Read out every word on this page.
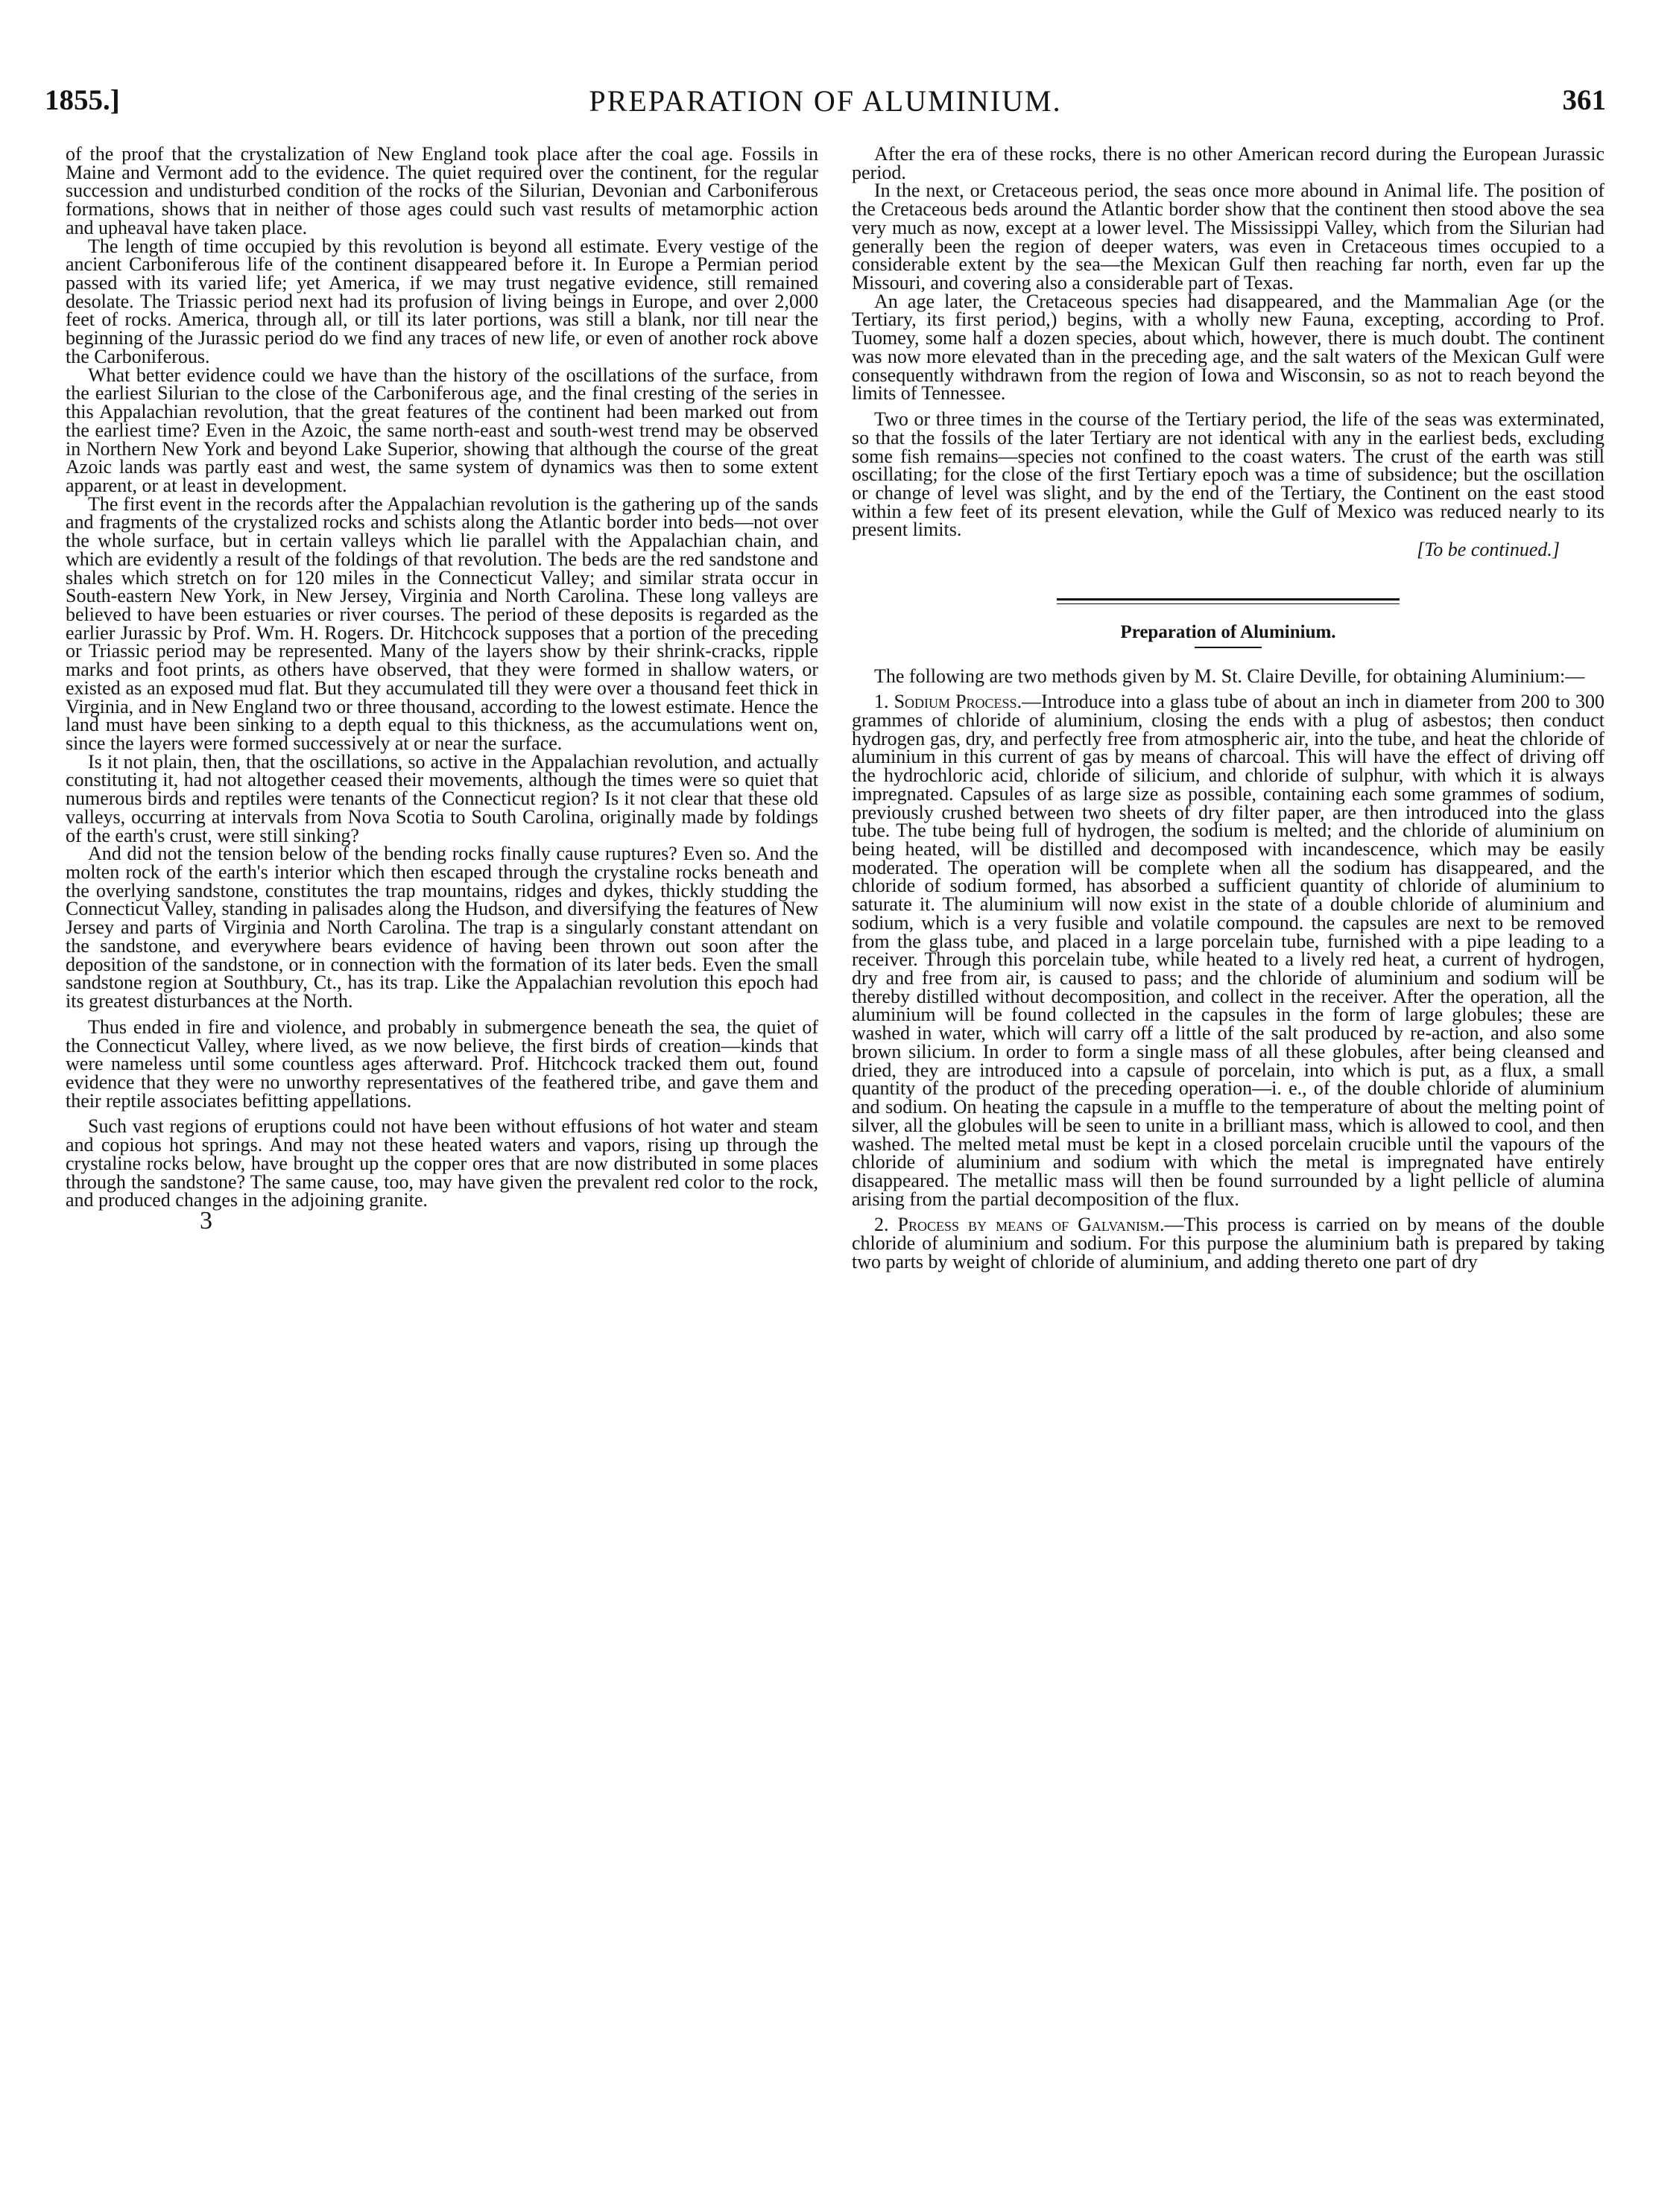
1855.]	PREPARATION OF ALUMINIUM.	361

of the proof that the crystalization of New England took place after the coal age. Fossils in Maine and Vermont add to the evidence. The quiet required over the continent, for the regular succession and undisturbed condition of the rocks of the Silurian, Devonian and Carboniferous formations, shows that in neither of those ages could such vast results of metamorphic action and upheaval have taken place.

The length of time occupied by this revolution is beyond all estimate. Every vestige of the ancient Carboniferous life of the continent disappeared before it. In Europe a Permian period passed with its varied life; yet America, if we may trust negative evidence, still remained desolate. The Triassic period next had its profusion of living beings in Europe, and over 2,000 feet of rocks. America, through all, or till its later portions, was still a blank, nor till near the beginning of the Jurassic period do we find any traces of new life, or even of another rock above the Carboniferous.

What better evidence could we have than the history of the oscillations of the surface, from the earliest Silurian to the close of the Carboniferous age, and the final cresting of the series in this Appalachian revolution, that the great features of the continent had been marked out from the earliest time? Even in the Azoic, the same north-east and south-west trend may be observed in Northern New York and beyond Lake Superior, showing that although the course of the great Azoic lands was partly east and west, the same system of dynamics was then to some extent apparent, or at least in development.

The first event in the records after the Appalachian revolution is the gathering up of the sands and fragments of the crystalized rocks and schists along the Atlantic border into beds—not over the whole surface, but in certain valleys which lie parallel with the Appalachian chain, and which are evidently a result of the foldings of that revolution. The beds are the red sandstone and shales which stretch on for 120 miles in the Connecticut Valley; and similar strata occur in South-eastern New York, in New Jersey, Virginia and North Carolina. These long valleys are believed to have been estuaries or river courses. The period of these deposits is regarded as the earlier Jurassic by Prof. Wm. H. Rogers. Dr. Hitchcock supposes that a portion of the preceding or Triassic period may be represented. Many of the layers show by their shrink-cracks, ripple marks and foot prints, as others have observed, that they were formed in shallow waters, or existed as an exposed mud flat. But they accumulated till they were over a thousand feet thick in Virginia, and in New England two or three thousand, according to the lowest estimate. Hence the land must have been sinking to a depth equal to this thickness, as the accumulations went on, since the layers were formed successively at or near the surface.

Is it not plain, then, that the oscillations, so active in the Appalachian revolution, and actually constituting it, had not altogether ceased their movements, although the times were so quiet that numerous birds and reptiles were tenants of the Connecticut region? Is it not clear that these old valleys, occurring at intervals from Nova Scotia to South Carolina, originally made by foldings of the earth's crust, were still sinking?

And did not the tension below of the bending rocks finally cause ruptures? Even so. And the molten rock of the earth's interior which then escaped through the crystaline rocks beneath and the overlying sandstone, constitutes the trap mountains, ridges and dykes, thickly studding the Connecticut Valley, standing in palisades along the Hudson, and diversifying the features of New Jersey and parts of Virginia and North Carolina. The trap is a singularly constant attendant on the sandstone, and everywhere bears evidence of having been thrown out soon after the deposition of the sandstone, or in connection with the formation of its later beds. Even the small sandstone region at Southbury, Ct., has its trap. Like the Appalachian revolution this epoch had its greatest disturbances at the North.

Thus ended in fire and violence, and probably in submergence beneath the sea, the quiet of the Connecticut Valley, where lived, as we now believe, the first birds of creation—kinds that were nameless until some countless ages afterward. Prof. Hitchcock tracked them out, found evidence that they were no unworthy representatives of the feathered tribe, and gave them and their reptile associates befitting appellations.

Such vast regions of eruptions could not have been without effusions of hot water and steam and copious hot springs. And may not these heated waters and vapors, rising up through the crystaline rocks below, have brought up the copper ores that are now distributed in some places through the sandstone? The same cause, too, may have given the prevalent red color to the rock, and produced changes in the adjoining granite.

3

After the era of these rocks, there is no other American record during the European Jurassic period.

In the next, or Cretaceous period, the seas once more abound in Animal life. The position of the Cretaceous beds around the Atlantic border show that the continent then stood above the sea very much as now, except at a lower level. The Mississippi Valley, which from the Silurian had generally been the region of deeper waters, was even in Cretaceous times occupied to a considerable extent by the sea—the Mexican Gulf then reaching far north, even far up the Missouri, and covering also a considerable part of Texas.

An age later, the Cretaceous species had disappeared, and the Mammalian Age (or the Tertiary, its first period,) begins, with a wholly new Fauna, excepting, according to Prof. Tuomey, some half a dozen species, about which, however, there is much doubt. The continent was now more elevated than in the preceding age, and the salt waters of the Mexican Gulf were consequently withdrawn from the region of Iowa and Wisconsin, so as not to reach beyond the limits of Tennessee.

Two or three times in the course of the Tertiary period, the life of the seas was exterminated, so that the fossils of the later Tertiary are not identical with any in the earliest beds, excluding some fish remains—species not confined to the coast waters. The crust of the earth was still oscillating; for the close of the first Tertiary epoch was a time of subsidence; but the oscillation or change of level was slight, and by the end of the Tertiary, the Continent on the east stood within a few feet of its present elevation, while the Gulf of Mexico was reduced nearly to its present limits.

[To be continued.]

Preparation of Aluminium.

The following are two methods given by M. St. Claire Deville, for obtaining Aluminium:—

1. Sodium Process.—Introduce into a glass tube of about an inch in diameter from 200 to 300 grammes of chloride of aluminium, closing the ends with a plug of asbestos; then conduct hydrogen gas, dry, and perfectly free from atmospheric air, into the tube, and heat the chloride of aluminium in this current of gas by means of charcoal. This will have the effect of driving off the hydrochloric acid, chloride of silicium, and chloride of sulphur, with which it is always impregnated. Capsules of as large size as possible, containing each some grammes of sodium, previously crushed between two sheets of dry filter paper, are then introduced into the glass tube. The tube being full of hydrogen, the sodium is melted; and the chloride of aluminium on being heated, will be distilled and decomposed with incandescence, which may be easily moderated. The operation will be complete when all the sodium has disappeared, and the chloride of sodium formed, has absorbed a sufficient quantity of chloride of aluminium to saturate it. The aluminium will now exist in the state of a double chloride of aluminium and sodium, which is a very fusible and volatile compound. the capsules are next to be removed from the glass tube, and placed in a large porcelain tube, furnished with a pipe leading to a receiver. Through this porcelain tube, while heated to a lively red heat, a current of hydrogen, dry and free from air, is caused to pass; and the chloride of aluminium and sodium will be thereby distilled without decomposition, and collect in the receiver. After the operation, all the aluminium will be found collected in the capsules in the form of large globules; these are washed in water, which will carry off a little of the salt produced by re-action, and also some brown silicium. In order to form a single mass of all these globules, after being cleansed and dried, they are introduced into a capsule of porcelain, into which is put, as a flux, a small quantity of the product of the preceding operation—i. e., of the double chloride of aluminium and sodium. On heating the capsule in a muffle to the temperature of about the melting point of silver, all the globules will be seen to unite in a brilliant mass, which is allowed to cool, and then washed. The melted metal must be kept in a closed porcelain crucible until the vapours of the chloride of aluminium and sodium with which the metal is impregnated have entirely disappeared. The metallic mass will then be found surrounded by a light pellicle of alumina arising from the partial decomposition of the flux.

2. Process by means of Galvanism.—This process is carried on by means of the double chloride of aluminium and sodium. For this purpose the aluminium bath is prepared by taking two parts by weight of chloride of aluminium, and adding thereto one part of dry
